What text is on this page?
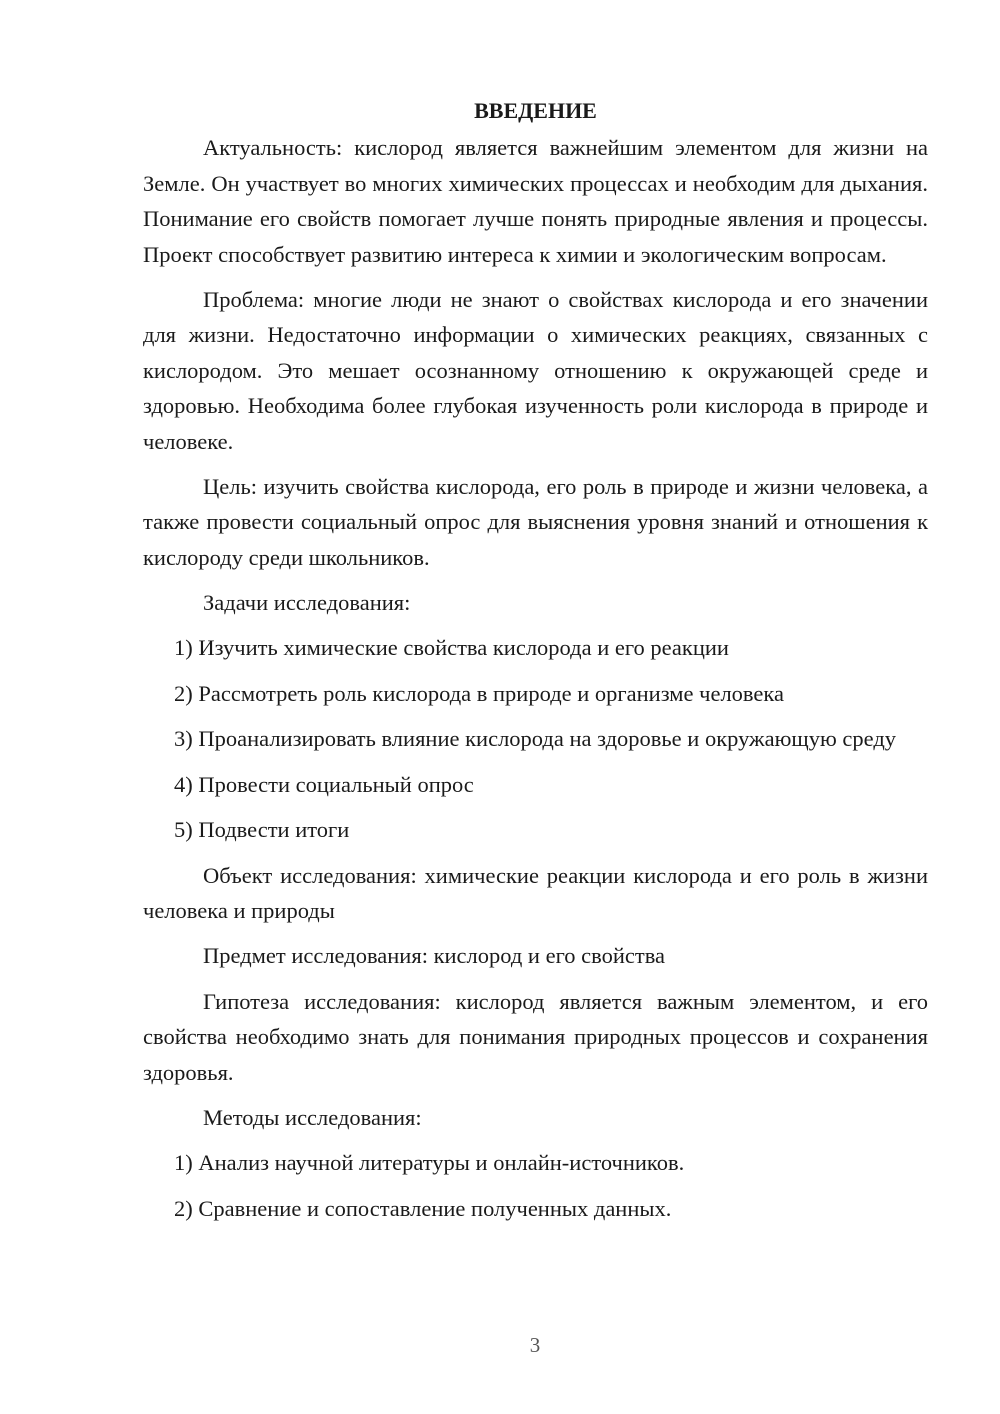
ВВЕДЕНИЕ

Актуальность: кислород является важнейшим элементом для жизни на Земле. Он участвует во многих химических процессах и необходим для дыхания. Понимание его свойств помогает лучше понять природные явления и процессы. Проект способствует развитию интереса к химии и экологическим вопросам.

Проблема: многие люди не знают о свойствах кислорода и его значении для жизни. Недостаточно информации о химических реакциях, связанных с кислородом. Это мешает осознанному отношению к окружающей среде и здоровью. Необходима более глубокая изученность роли кислорода в природе и человеке.

Цель: изучить свойства кислорода, его роль в природе и жизни человека, а также провести социальный опрос для выяснения уровня знаний и отношения к кислороду среди школьников.

Задачи исследования:

1) Изучить химические свойства кислорода и его реакции

2) Рассмотреть роль кислорода в природе и организме человека

3) Проанализировать влияние кислорода на здоровье и окружающую среду

4) Провести социальный опрос

5) Подвести итоги

Объект исследования: химические реакции кислорода и его роль в жизни человека и природы

Предмет исследования: кислород и его свойства

Гипотеза исследования: кислород является важным элементом, и его свойства необходимо знать для понимания природных процессов и сохранения здоровья.

Методы исследования:

1) Анализ научной литературы и онлайн-источников.

2) Сравнение и сопоставление полученных данных.

3
